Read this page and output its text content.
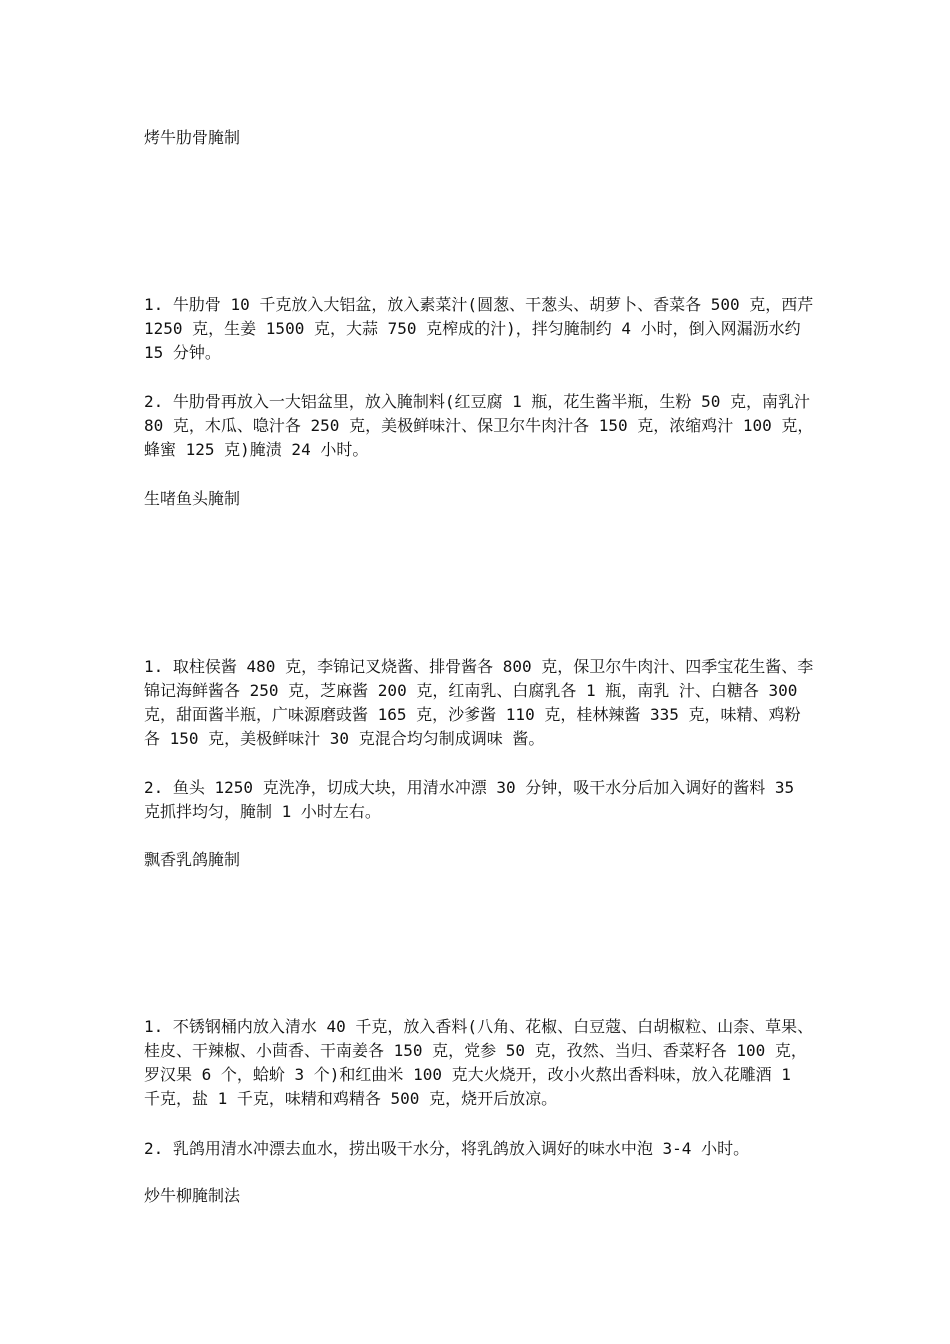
烤牛肋骨腌制
1. 牛肋骨 10 千克放入大铝盆，放入素菜汁(圆葱、干葱头、胡萝卜、香菜各 500 克，西芹 1250 克，生姜 1500 克，大蒜 750 克榨成的汁)，拌匀腌制约 4 小时，倒入网漏沥水约 15 分钟。
2. 牛肋骨再放入一大铝盆里，放入腌制料(红豆腐 1 瓶，花生酱半瓶，生粉 50 克，南乳汁 80 克，木瓜、喼汁各 250 克，美极鲜味汁、保卫尔牛肉汁各 150 克，浓缩鸡汁 100 克，蜂蜜 125 克)腌渍 24 小时。
生啫鱼头腌制
1. 取柱侯酱 480 克，李锦记叉烧酱、排骨酱各 800 克，保卫尔牛肉汁、四季宝花生酱、李锦记海鲜酱各 250 克，芝麻酱 200 克，红南乳、白腐乳各 1 瓶，南乳 汁、白糖各 300 克，甜面酱半瓶，广味源磨豉酱 165 克，沙爹酱 110 克，桂林辣酱 335 克，味精、鸡粉各 150 克，美极鲜味汁 30 克混合均匀制成调味 酱。
2. 鱼头 1250 克洗净，切成大块，用清水冲漂 30 分钟，吸干水分后加入调好的酱料 35 克抓拌均匀，腌制 1 小时左右。
飘香乳鸽腌制
1. 不锈钢桶内放入清水 40 千克，放入香料(八角、花椒、白豆蔻、白胡椒粒、山柰、草果、桂皮、干辣椒、小茴香、干南姜各 150 克，党参 50 克，孜然、当归、香菜籽各 100 克，罗汉果 6 个，蛤蚧 3 个)和红曲米 100 克大火烧开，改小火熬出香料味，放入花雕酒 1 千克，盐 1 千克，味精和鸡精各 500 克，烧开后放凉。
2. 乳鸽用清水冲漂去血水，捞出吸干水分，将乳鸽放入调好的味水中泡 3-4 小时。
炒牛柳腌制法
